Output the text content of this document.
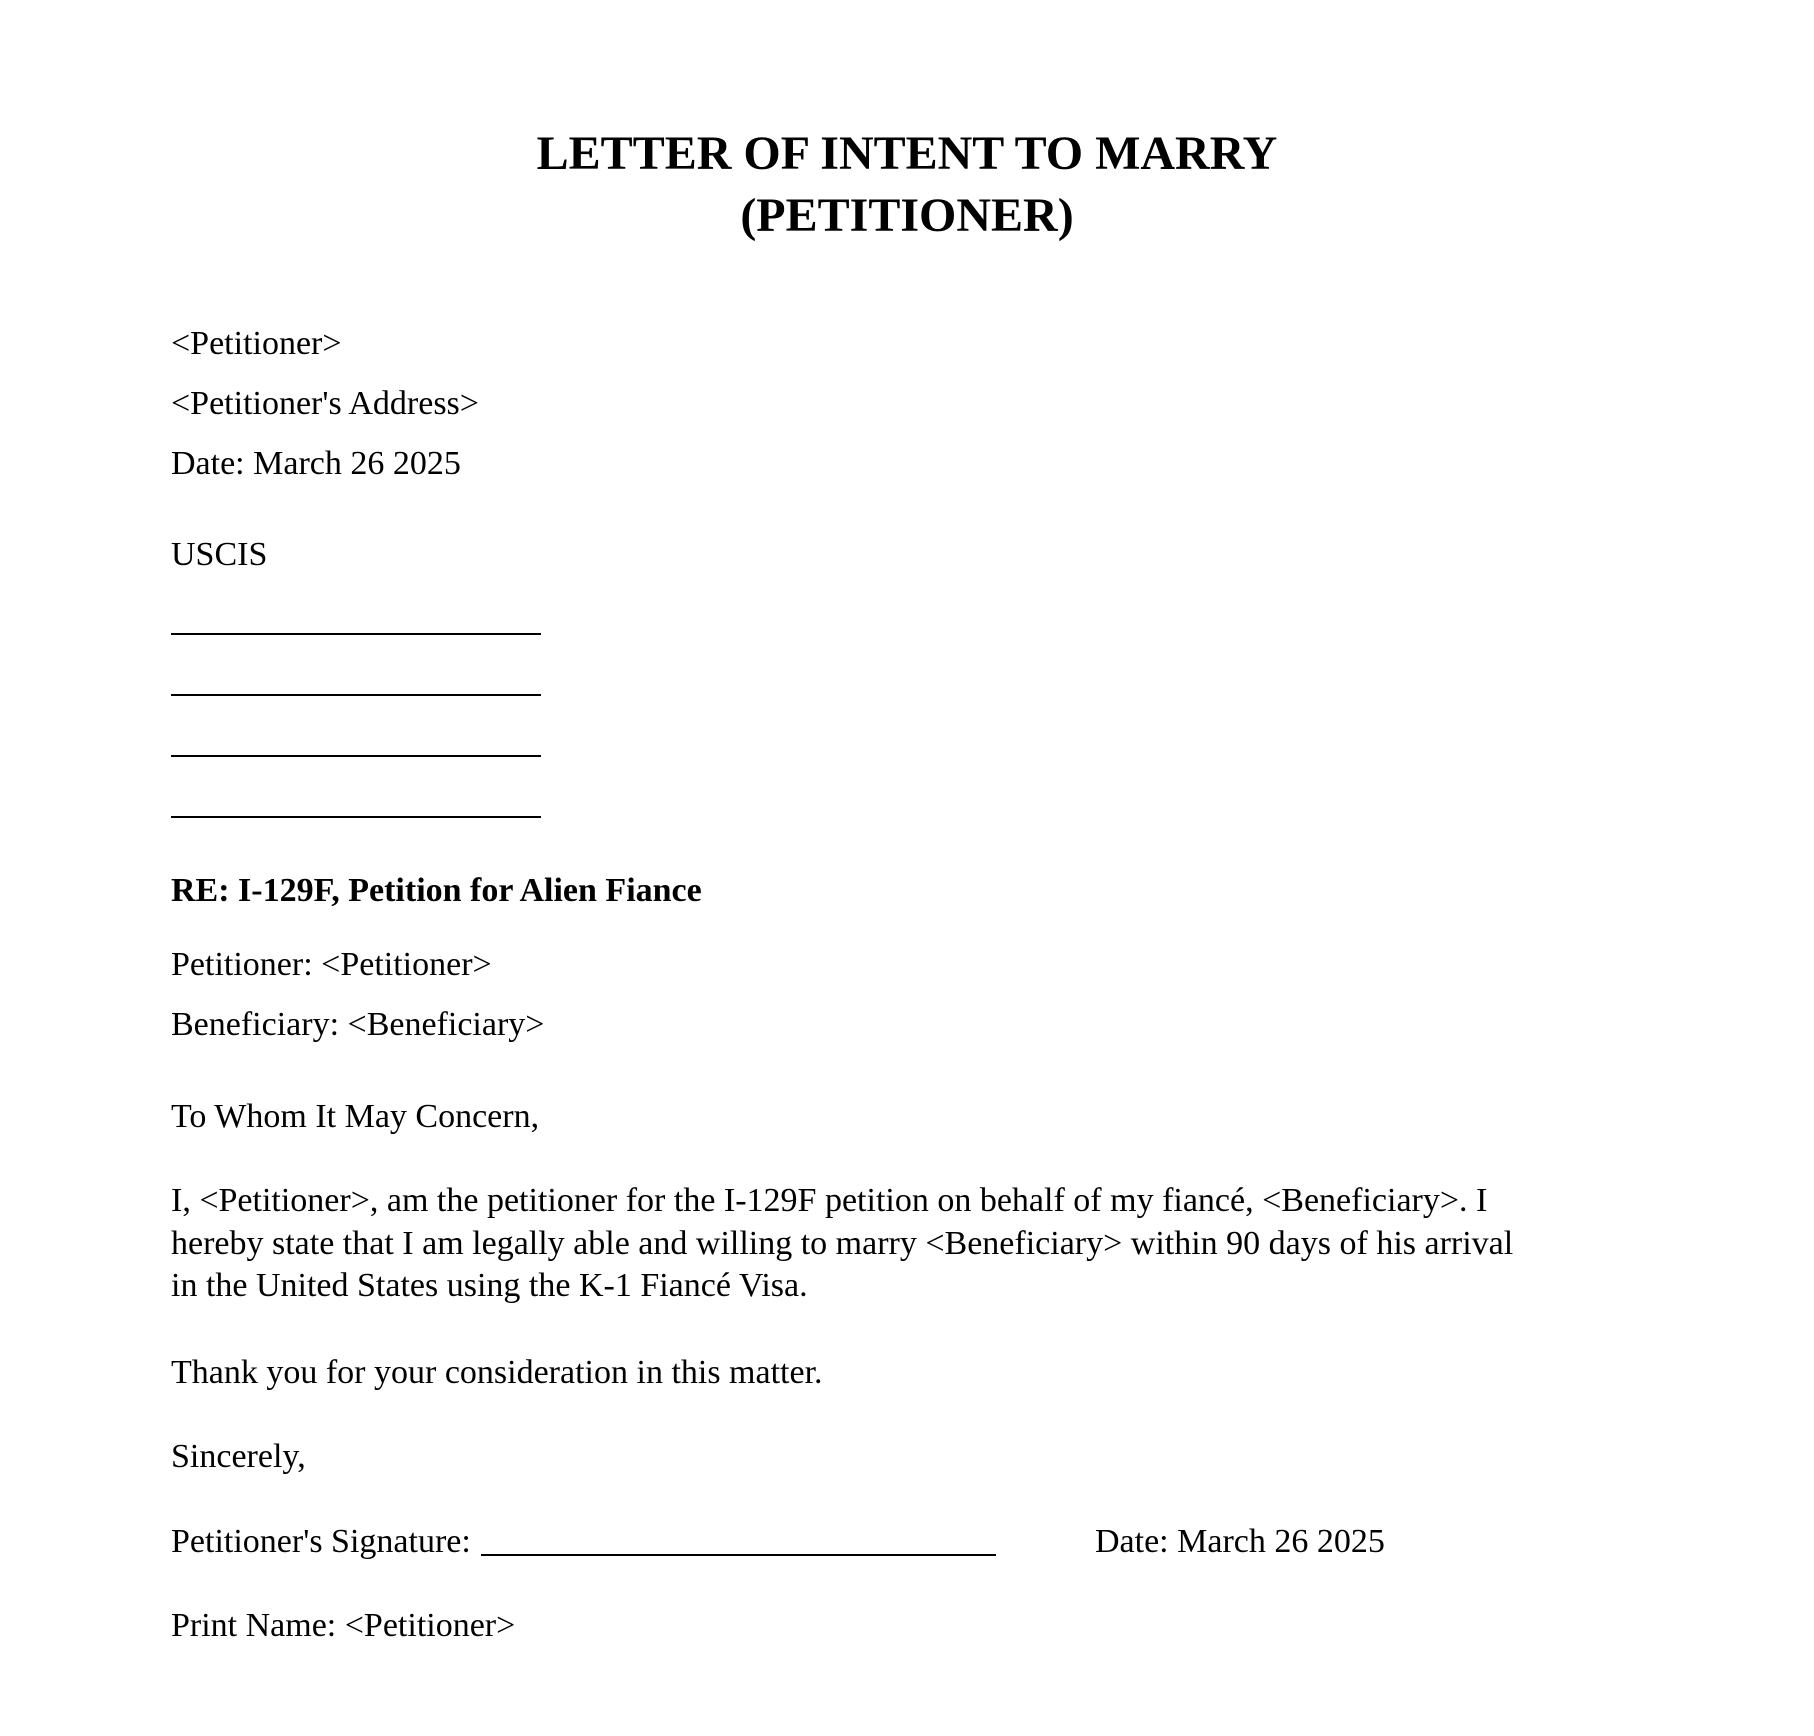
LETTER OF INTENT TO MARRY
(PETITIONER)
<Petitioner>
<Petitioner's Address>
Date: March 26 2025
USCIS
RE: I-129F, Petition for Alien Fiance
Petitioner: <Petitioner>
Beneficiary: <Beneficiary>
To Whom It May Concern,
I, <Petitioner>, am the petitioner for the I-129F petition on behalf of my fiancé, <Beneficiary>. I
hereby state that I am legally able and willing to marry <Beneficiary> within 90 days of his arrival
in the United States using the K-1 Fiancé Visa.
Thank you for your consideration in this matter.
Sincerely,
Petitioner's Signature:	Date: March 26 2025
Print Name: <Petitioner>
